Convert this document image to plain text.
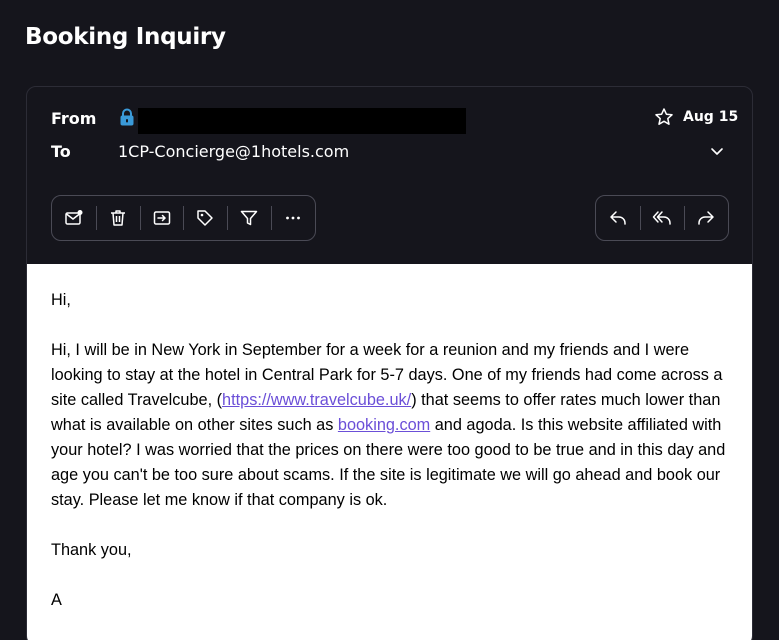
Booking Inquiry
From
To	1CP-Concierge@1hotels.com
Aug 15

Hi,

Hi, I will be in New York in September for a week for a reunion and my friends and I were looking to stay at the hotel in Central Park for 5-7 days. One of my friends had come across a site called Travelcube, (https://www.travelcube.uk/) that seems to offer rates much lower than what is available on other sites such as booking.com and agoda. Is this website affiliated with your hotel? I was worried that the prices on there were too good to be true and in this day and age you can't be too sure about scams. If the site is legitimate we will go ahead and book our stay. Please let me know if that company is ok.

Thank you,

A
